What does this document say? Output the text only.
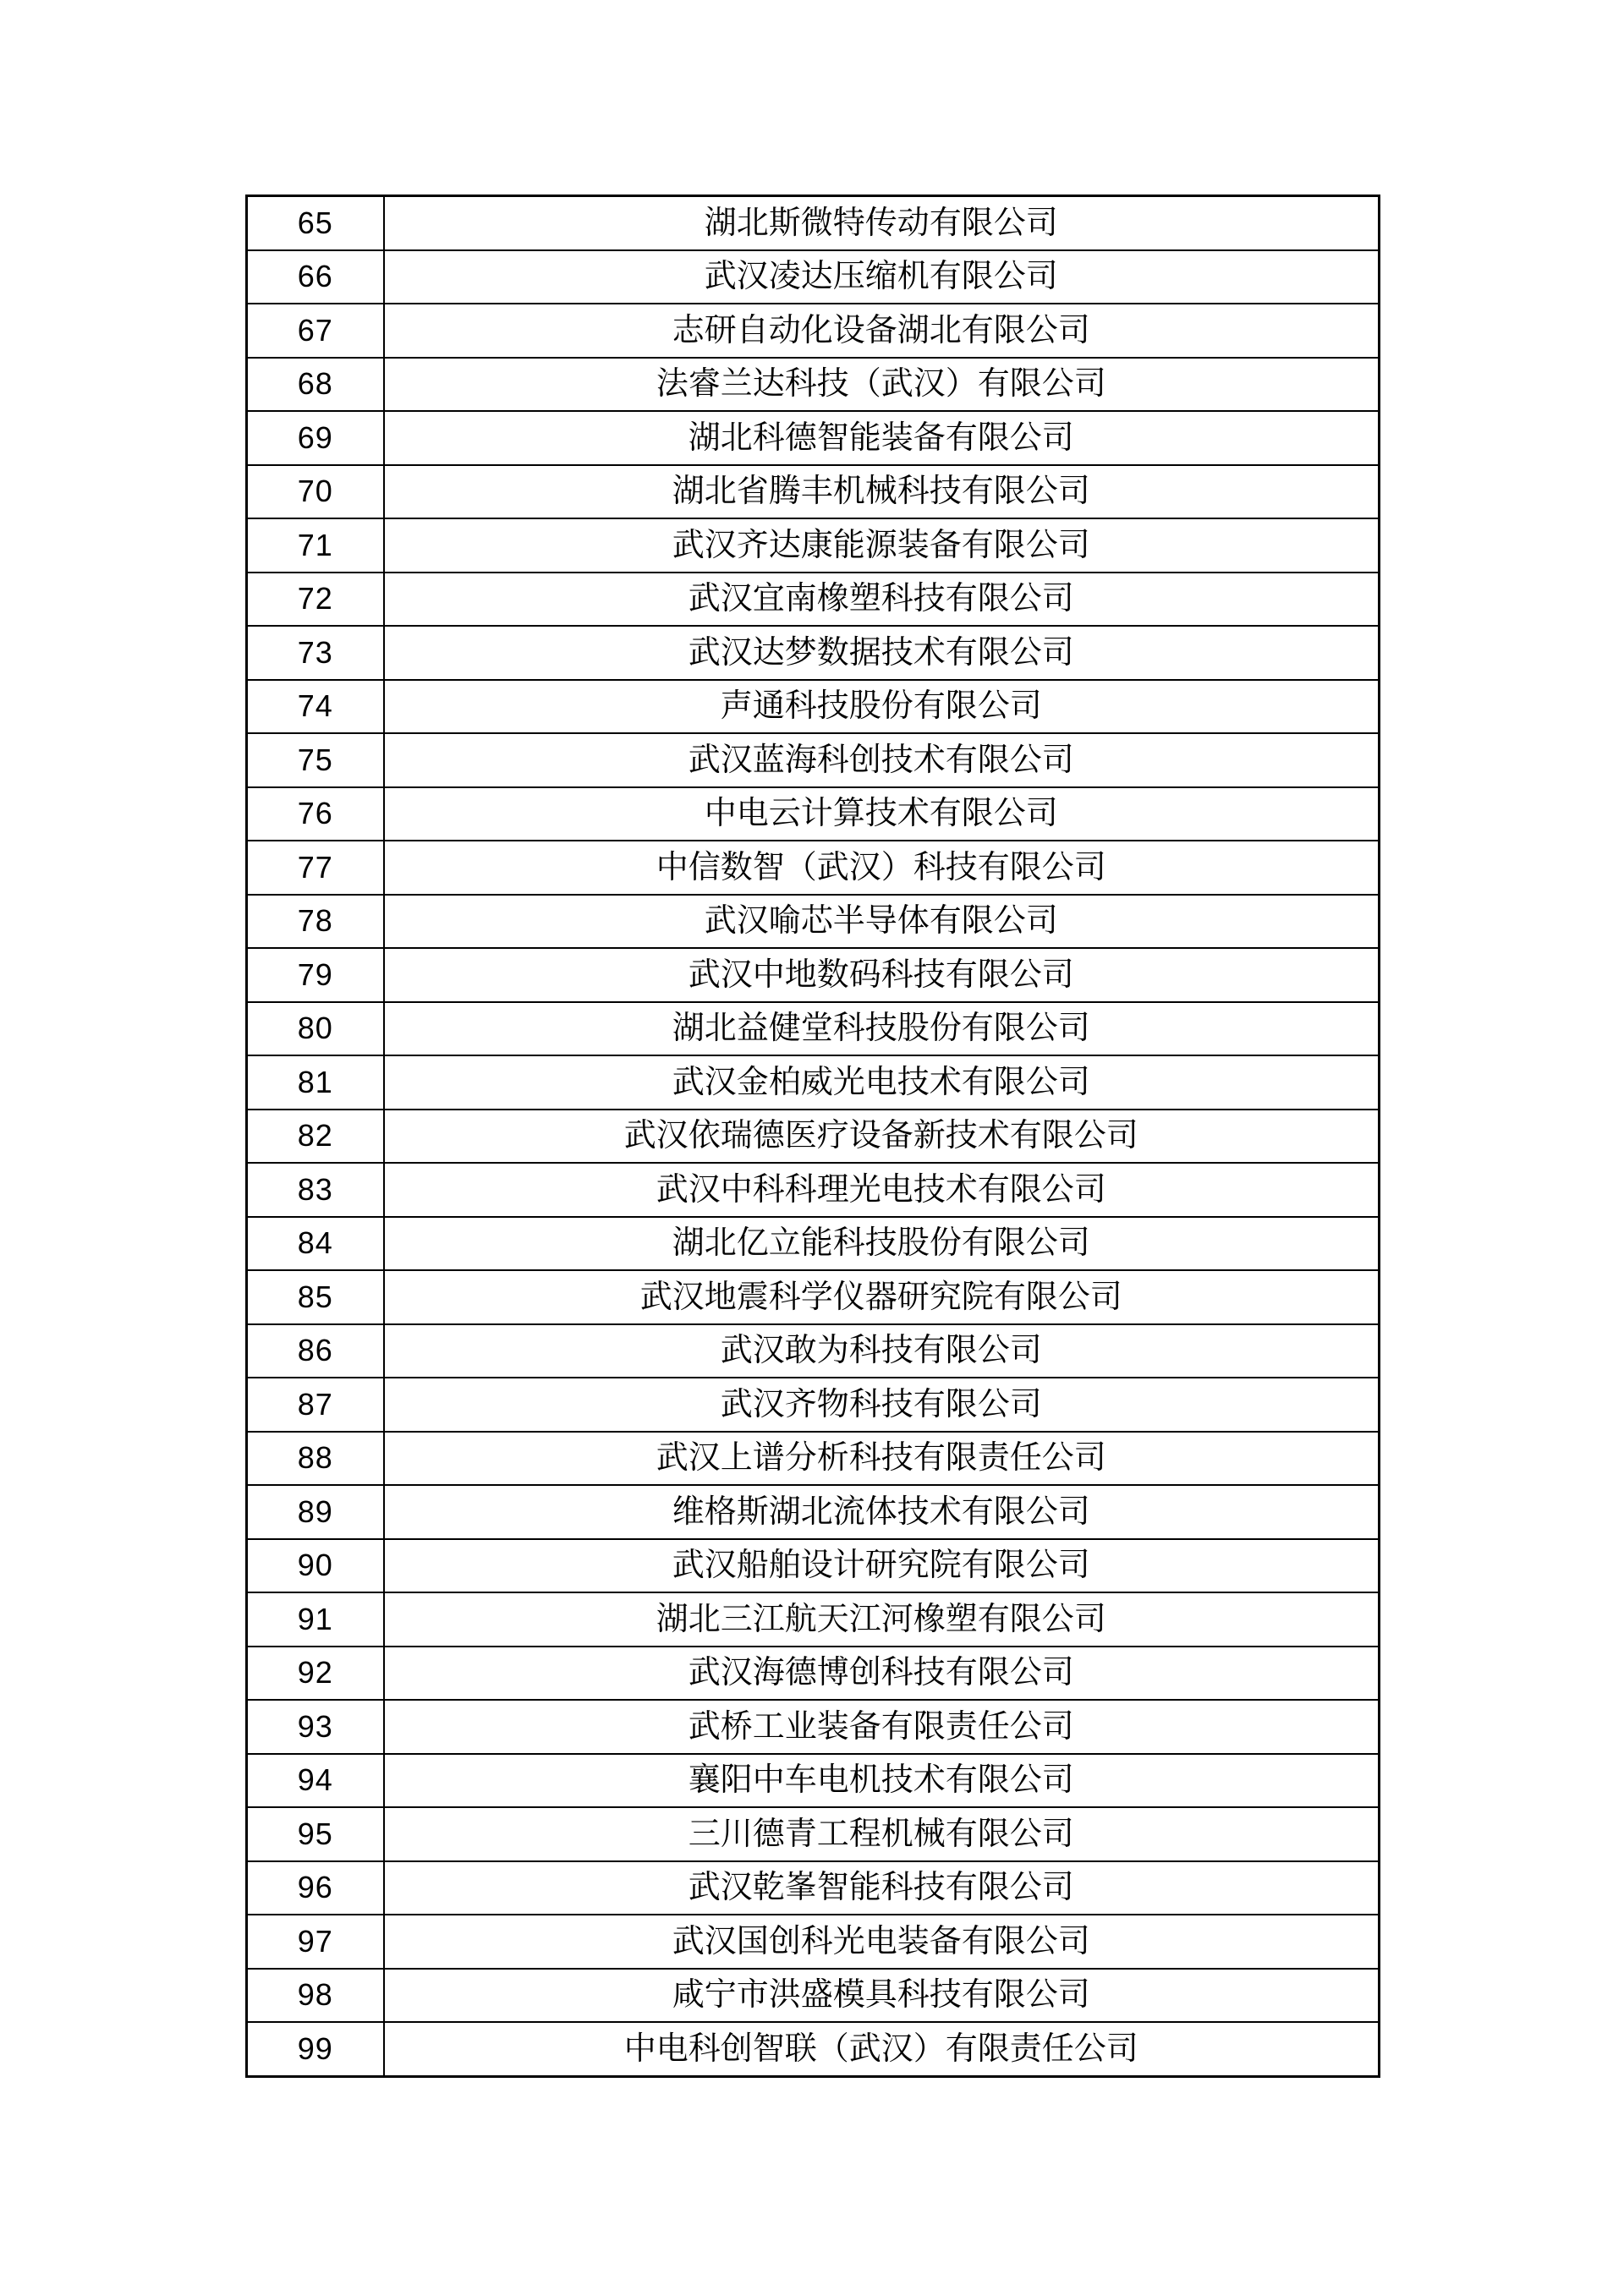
65	湖北斯微特传动有限公司
66	武汉凌达压缩机有限公司
67	志研自动化设备湖北有限公司
68	法睿兰达科技（武汉）有限公司
69	湖北科德智能装备有限公司
70	湖北省腾丰机械科技有限公司
71	武汉齐达康能源装备有限公司
72	武汉宜南橡塑科技有限公司
73	武汉达梦数据技术有限公司
74	声通科技股份有限公司
75	武汉蓝海科创技术有限公司
76	中电云计算技术有限公司
77	中信数智（武汉）科技有限公司
78	武汉喻芯半导体有限公司
79	武汉中地数码科技有限公司
80	湖北益健堂科技股份有限公司
81	武汉金柏威光电技术有限公司
82	武汉依瑞德医疗设备新技术有限公司
83	武汉中科科理光电技术有限公司
84	湖北亿立能科技股份有限公司
85	武汉地震科学仪器研究院有限公司
86	武汉敢为科技有限公司
87	武汉齐物科技有限公司
88	武汉上谱分析科技有限责任公司
89	维格斯湖北流体技术有限公司
90	武汉船舶设计研究院有限公司
91	湖北三江航天江河橡塑有限公司
92	武汉海德博创科技有限公司
93	武桥工业装备有限责任公司
94	襄阳中车电机技术有限公司
95	三川德青工程机械有限公司
96	武汉乾峯智能科技有限公司
97	武汉国创科光电装备有限公司
98	咸宁市洪盛模具科技有限公司
99	中电科创智联（武汉）有限责任公司
